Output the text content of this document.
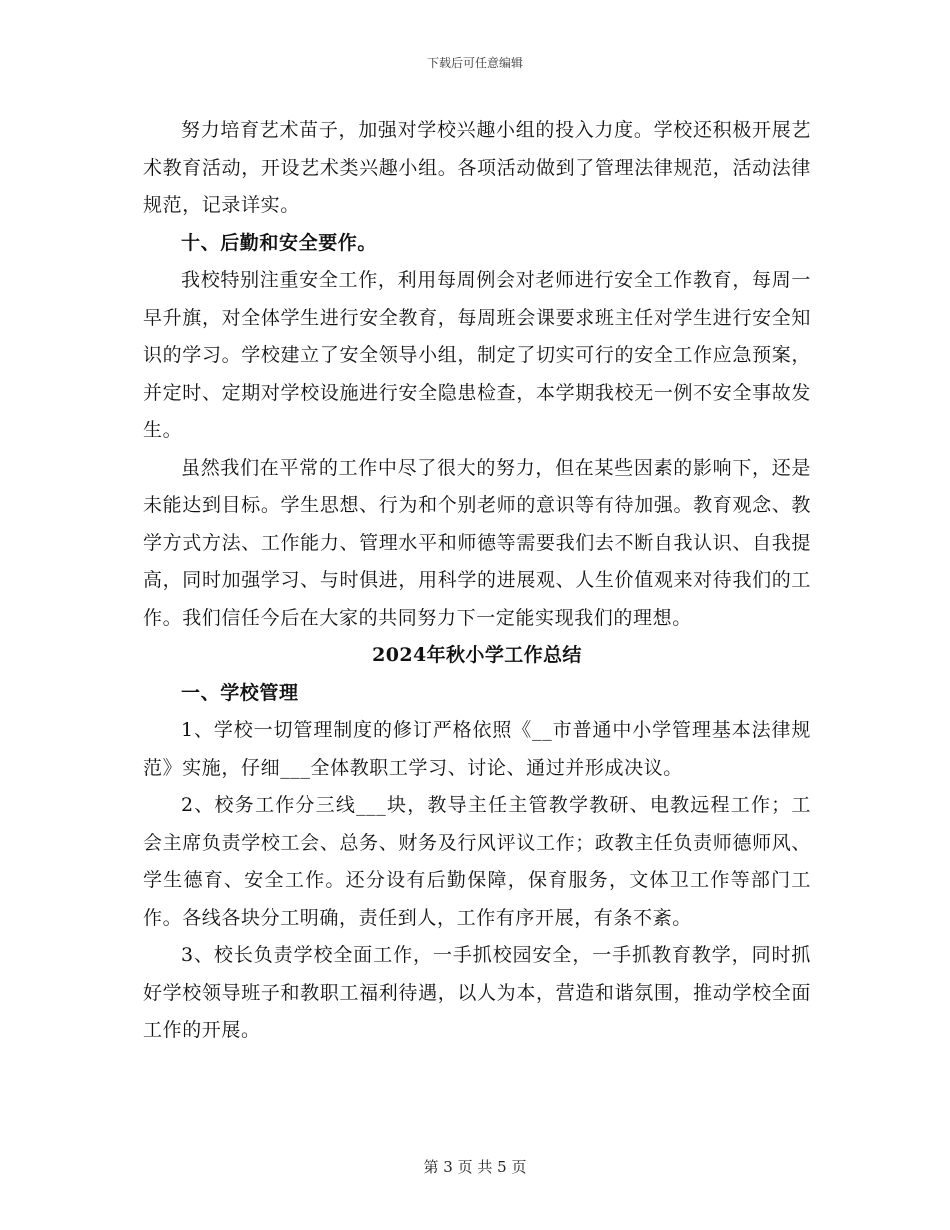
下载后可任意编辑

努力培育艺术苗子，加强对学校兴趣小组的投入力度。学校还积极开展艺术教育活动，开设艺术类兴趣小组。各项活动做到了管理法律规范，活动法律规范，记录详实。

十、后勤和安全要作。

我校特别注重安全工作，利用每周例会对老师进行安全工作教育，每周一早升旗，对全体学生进行安全教育，每周班会课要求班主任对学生进行安全知识的学习。学校建立了安全领导小组，制定了切实可行的安全工作应急预案，并定时、定期对学校设施进行安全隐患检查，本学期我校无一例不安全事故发生。

虽然我们在平常的工作中尽了很大的努力，但在某些因素的影响下，还是未能达到目标。学生思想、行为和个别老师的意识等有待加强。教育观念、教学方式方法、工作能力、管理水平和师德等需要我们去不断自我认识、自我提高，同时加强学习、与时俱进，用科学的进展观、人生价值观来对待我们的工作。我们信任今后在大家的共同努力下一定能实现我们的理想。

2024年秋小学工作总结

一、学校管理

1、学校一切管理制度的修订严格依照《__市普通中小学管理基本法律规范》实施，仔细___全体教职工学习、讨论、通过并形成决议。

2、校务工作分三线___块，教导主任主管教学教研、电教远程工作；工会主席负责学校工会、总务、财务及行风评议工作；政教主任负责师德师风、学生德育、安全工作。还分设有后勤保障，保育服务，文体卫工作等部门工作。各线各块分工明确，责任到人，工作有序开展，有条不紊。

3、校长负责学校全面工作，一手抓校园安全，一手抓教育教学，同时抓好学校领导班子和教职工福利待遇，以人为本，营造和谐氛围，推动学校全面工作的开展。

第 3 页 共 5 页
